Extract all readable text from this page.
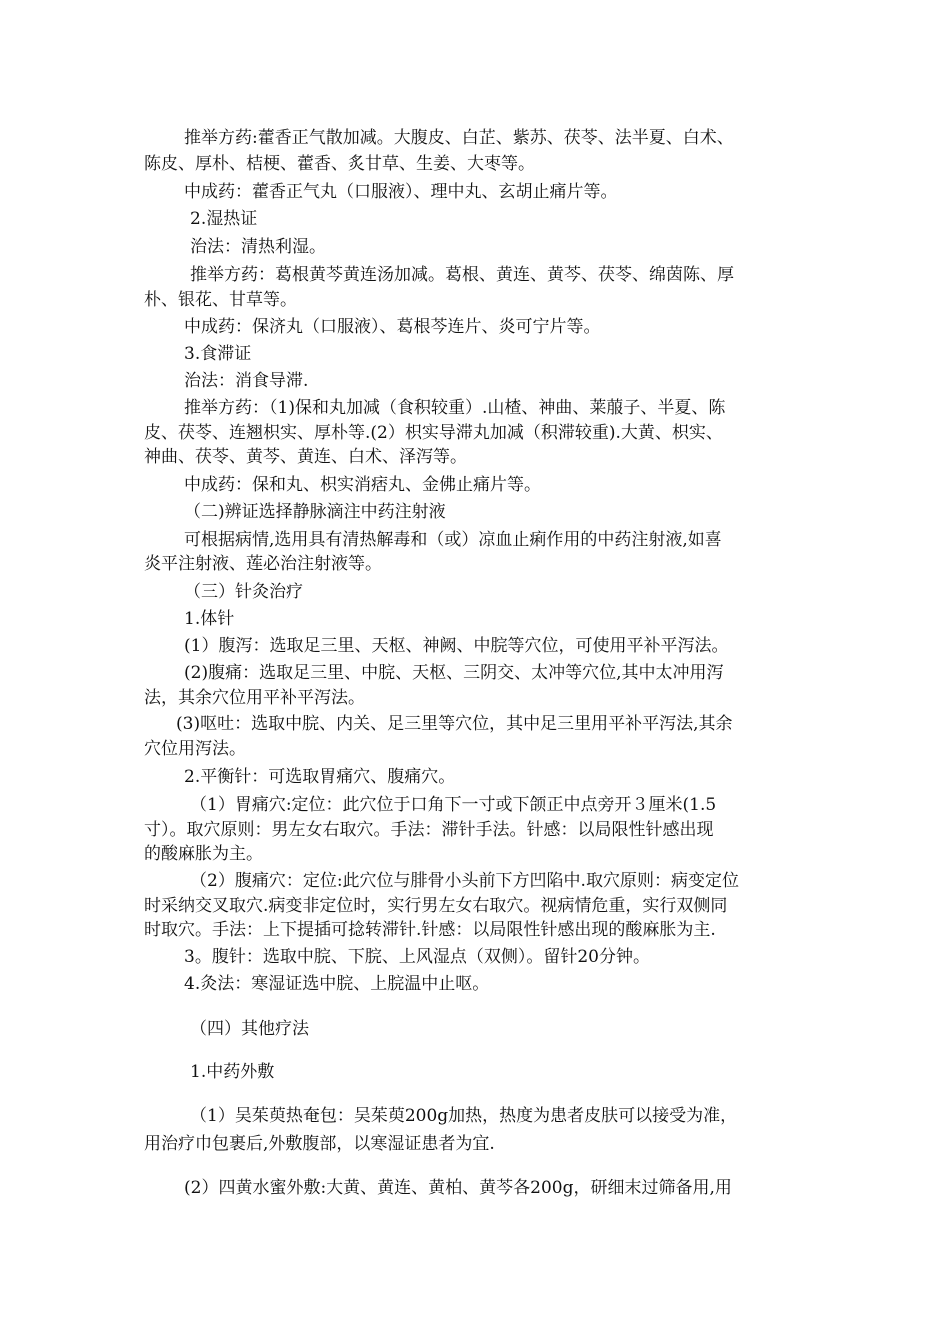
推举方药:藿香正气散加减。大腹皮、白芷、紫苏、茯苓、法半夏、白术、
陈皮、厚朴、桔梗、藿香、炙甘草、生姜、大枣等。
中成药：藿香正气丸（口服液）、理中丸、玄胡止痛片等。
2.湿热证
治法：清热利湿。
推举方药：葛根黄芩黄连汤加减。葛根、黄连、黄芩、茯苓、绵茵陈、厚
朴、银花、甘草等。
中成药：保济丸（口服液）、葛根芩连片、炎可宁片等。
3.食滞证
治法：消食导滞.
推举方药：（1)保和丸加减（食积较重）.山楂、神曲、莱菔子、半夏、陈
皮、茯苓、连翘枳实、厚朴等.(2）枳实导滞丸加减（积滞较重).大黄、枳实、
神曲、茯苓、黄芩、黄连、白术、泽泻等。
中成药：保和丸、枳实消痞丸、金佛止痛片等。
（二)辨证选择静脉滴注中药注射液
可根据病情,选用具有清热解毒和（或）凉血止痢作用的中药注射液,如喜
炎平注射液、莲必治注射液等。
（三）针灸治疗
1.体针
(1）腹泻：选取足三里、天枢、神阙、中脘等穴位，可使用平补平泻法。
(2)腹痛：选取足三里、中脘、天枢、三阴交、太冲等穴位,其中太冲用泻
法，其余穴位用平补平泻法。
(3)呕吐：选取中脘、内关、足三里等穴位，其中足三里用平补平泻法,其余
穴位用泻法。
2.平衡针：可选取胃痛穴、腹痛穴。
（1）胃痛穴:定位：此穴位于口角下一寸或下颌正中点旁开３厘米(1.5
寸）。取穴原则：男左女右取穴。手法：滞针手法。针感：以局限性针感出现
的酸麻胀为主。
（2）腹痛穴：定位:此穴位与腓骨小头前下方凹陷中.取穴原则：病变定位
时采纳交叉取穴.病变非定位时，实行男左女右取穴。视病情危重，实行双侧同
时取穴。手法：上下提插可捻转滞针.针感：以局限性针感出现的酸麻胀为主.
3。腹针：选取中脘、下脘、上风湿点（双侧）。留针20分钟。
4.灸法：寒湿证选中脘、上脘温中止呕。
（四）其他疗法
1.中药外敷
（1）吴茱萸热奄包：吴茱萸200g加热，热度为患者皮肤可以接受为准，
用治疗巾包裹后,外敷腹部，以寒湿证患者为宜.
(2）四黄水蜜外敷:大黄、黄连、黄柏、黄芩各200g，研细末过筛备用,用
